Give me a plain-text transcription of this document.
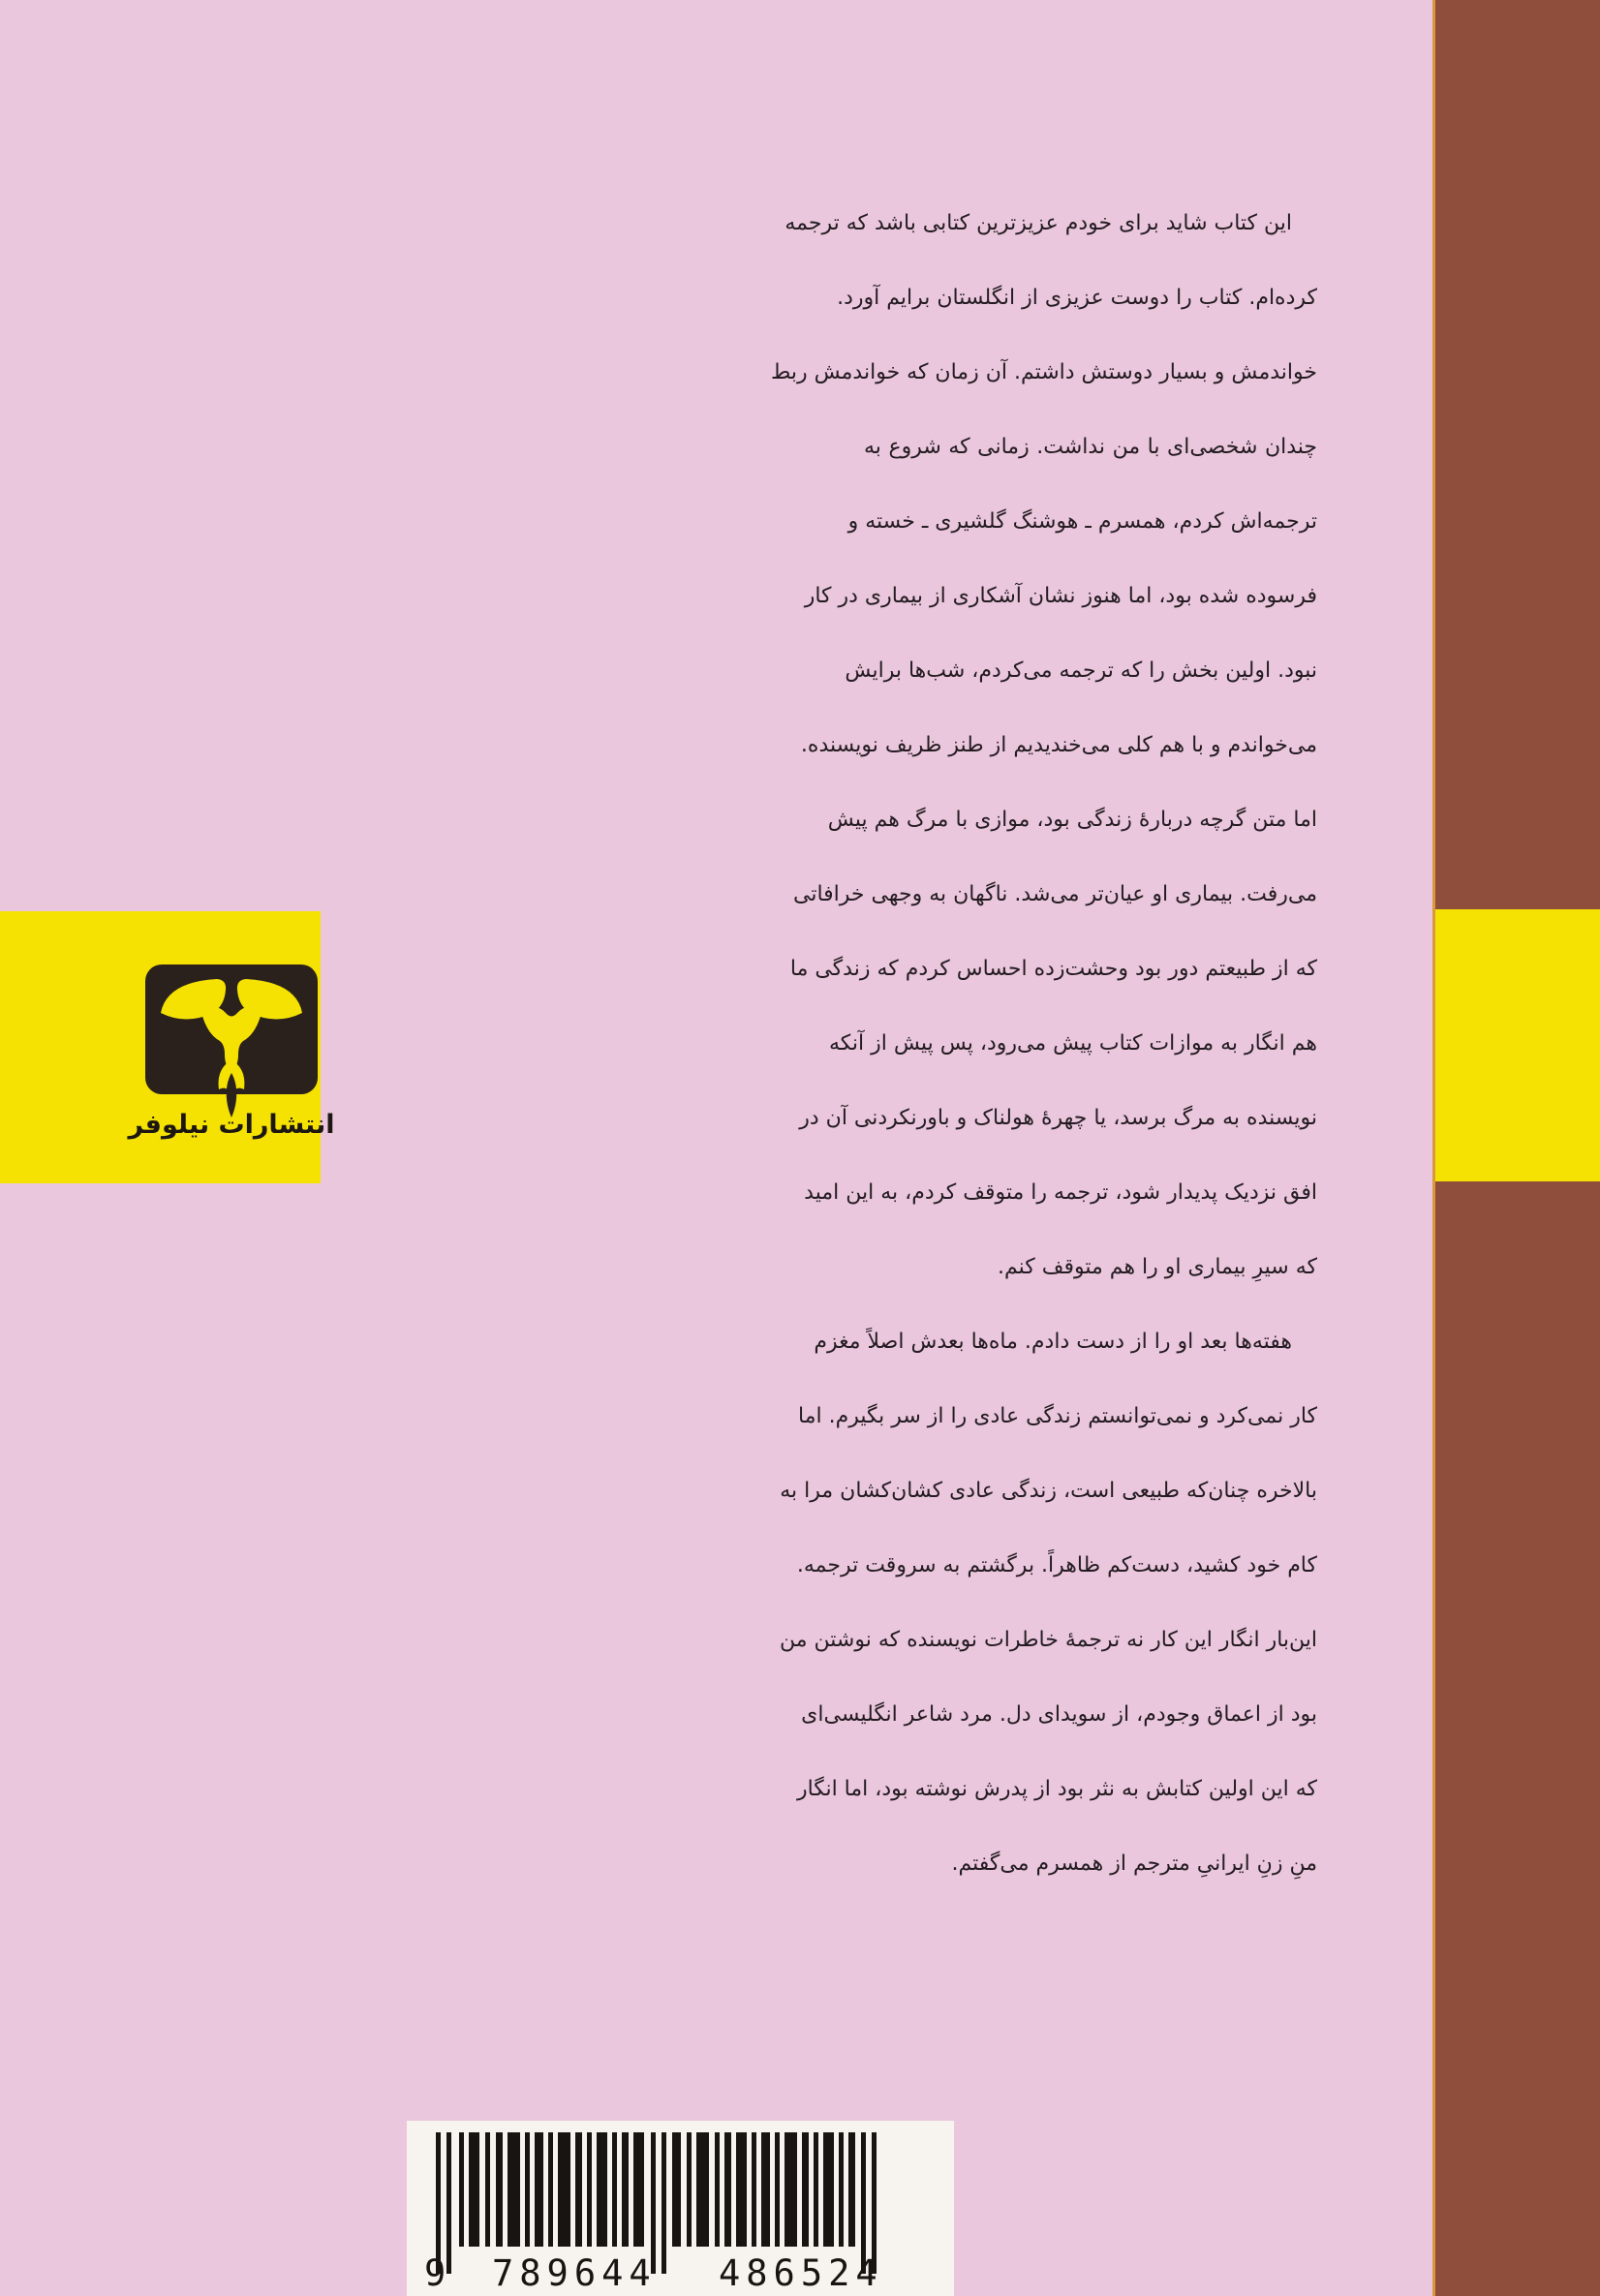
انتشارات نیلوفر
این کتاب شاید برای خودم عزیزترین کتابی باشد که ترجمه
کرده‌ام. کتاب را دوست عزیزی از انگلستان برایم آورد.
خواندمش و بسیار دوستش داشتم. آن زمان که خواندمش ربط
چندان شخصی‌ای با من نداشت. زمانی که شروع به
ترجمه‌اش کردم، همسرم ـ هوشنگ گلشیری ـ خسته و
فرسوده شده بود، اما هنوز نشان آشکاری از بیماری در کار
نبود. اولین بخش را که ترجمه می‌کردم، شب‌ها برایش
می‌خواندم و با هم کلی می‌خندیدیم از طنز ظریف نویسنده.
اما متن گرچه دربارهٔ زندگی بود، موازی با مرگ هم پیش
می‌رفت. بیماری او عیان‌تر می‌شد. ناگهان به وجهی خرافاتی
که از طبیعتم دور بود وحشت‌زده احساس کردم که زندگی ما
هم انگار به موازات کتاب پیش می‌رود، پس پیش از آنکه
نویسنده به مرگ برسد، یا چهرهٔ هولناک و باورنکردنی آن در
افق نزدیک پدیدار شود، ترجمه را متوقف کردم، به این امید
که سیرِ بیماری او را هم متوقف کنم.
هفته‌ها بعد او را از دست دادم. ماه‌ها بعدش اصلاً مغزم
کار نمی‌کرد و نمی‌توانستم زندگی عادی را از سر بگیرم. اما
بالاخره چنان‌که طبیعی است، زندگی عادی کشان‌کشان مرا به
کام خود کشید، دست‌کم ظاهراً. برگشتم به سروقت ترجمه.
این‌بار انگار این کار نه ترجمهٔ خاطرات نویسنده که نوشتن من
بود از اعماق وجودم، از سویدای دل. مرد شاعر انگلیسی‌ای
که این اولین کتابش به نثر بود از پدرش نوشته بود، اما انگار
منِ زنِ ایرانیِ مترجم از همسرم می‌گفتم.
9 789644 486524
